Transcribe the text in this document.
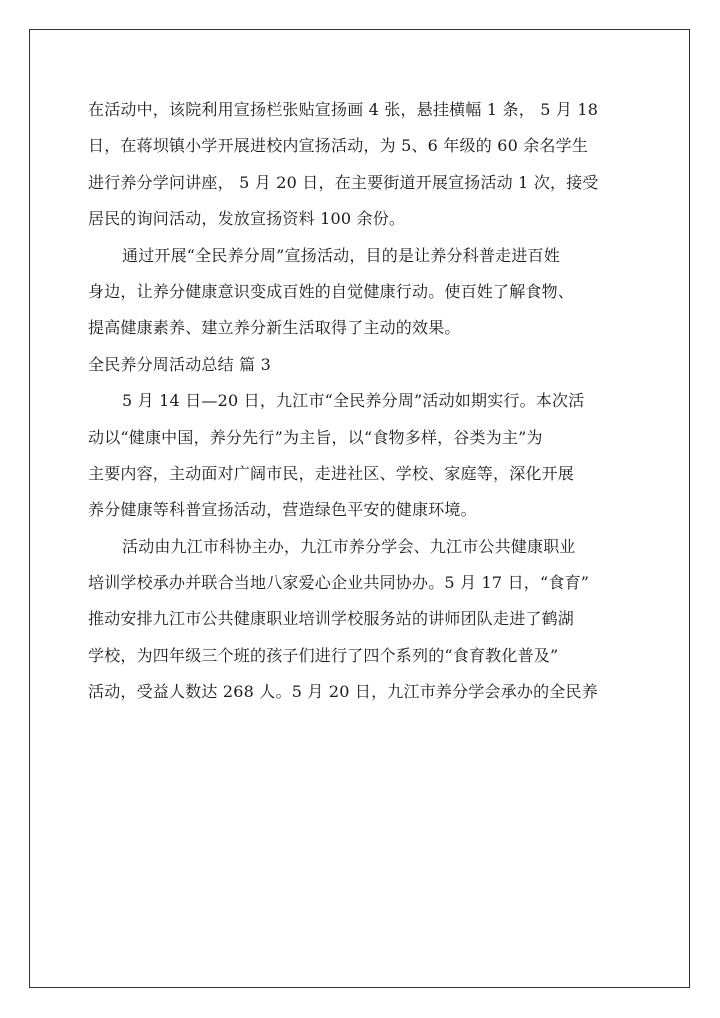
在活动中，该院利用宣扬栏张贴宣扬画 4 张，悬挂横幅 1 条， 5 月 18
日，在蒋坝镇小学开展进校内宣扬活动，为 5、6 年级的 60 余名学生
进行养分学问讲座， 5 月 20 日，在主要街道开展宣扬活动 1 次，接受
居民的询问活动，发放宣扬资料 100 余份。
通过开展“全民养分周”宣扬活动，目的是让养分科普走进百姓
身边，让养分健康意识变成百姓的自觉健康行动。使百姓了解食物、
提高健康素养、建立养分新生活取得了主动的效果。
全民养分周活动总结 篇 3
5 月 14 日—20 日，九江市“全民养分周”活动如期实行。本次活
动以“健康中国，养分先行”为主旨，以“食物多样，谷类为主”为
主要内容，主动面对广阔市民，走进社区、学校、家庭等，深化开展
养分健康等科普宣扬活动，营造绿色平安的健康环境。
活动由九江市科协主办，九江市养分学会、九江市公共健康职业
培训学校承办并联合当地八家爱心企业共同协办。5 月 17 日，“食育”
推动安排九江市公共健康职业培训学校服务站的讲师团队走进了鹤湖
学校，为四年级三个班的孩子们进行了四个系列的“食育教化普及”
活动，受益人数达 268 人。5 月 20 日，九江市养分学会承办的全民养
